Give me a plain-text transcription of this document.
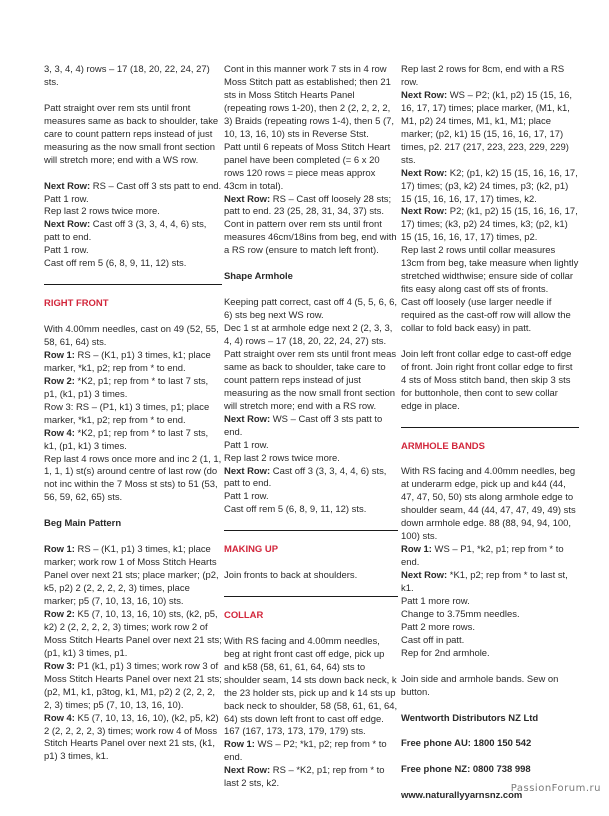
3, 3, 4, 4) rows – 17 (18, 20, 22, 24, 27) sts.

Patt straight over rem sts until front measures same as back to shoulder, take care to count pattern reps instead of just measuring as the now small front section will stretch more; end with a WS row.

Next Row: RS – Cast off 3 sts patt to end.

Patt 1 row.

Rep last 2 rows twice more.

Next Row: Cast off 3 (3, 3, 4, 4, 6) sts, patt to end.

Patt 1 row.

Cast off rem 5 (6, 8, 9, 11, 12) sts.

RIGHT FRONT

With 4.00mm needles, cast on 49 (52, 55, 58, 61, 64) sts.

Row 1: RS – (K1, p1) 3 times, k1; place marker, *k1, p2; rep from * to end.

Row 2: *K2, p1; rep from * to last 7 sts, p1, (k1, p1) 3 times.

Row 3: RS – (P1, k1) 3 times, p1; place marker, *k1, p2; rep from * to end.

Row 4: *K2, p1; rep from * to last 7 sts, k1, (p1, k1) 3 times.

Rep last 4 rows once more and inc 2 (1, 1, 1, 1, 1) st(s) around centre of last row (do not inc within the 7 Moss st sts) to 51 (53, 56, 59, 62, 65) sts.

Beg Main Pattern

Row 1: RS – (K1, p1) 3 times, k1; place marker; work row 1 of Moss Stitch Hearts Panel over next 21 sts; place marker; (p2, k5, p2) 2 (2, 2, 2, 2, 3) times, place marker; p5 (7, 10, 13, 16, 10) sts.

Row 2: K5 (7, 10, 13, 16, 10) sts, (k2, p5, k2) 2 (2, 2, 2, 2, 3) times; work row 2 of Moss Stitch Hearts Panel over next 21 sts; (p1, k1) 3 times, p1.

Row 3: P1 (k1, p1) 3 times; work row 3 of Moss Stitch Hearts Panel over next 21 sts; (p2, M1, k1, p3tog, k1, M1, p2) 2 (2, 2, 2, 2, 3) times; p5 (7, 10, 13, 16, 10).

Row 4: K5 (7, 10, 13, 16, 10), (k2, p5, k2) 2 (2, 2, 2, 2, 3) times; work row 4 of Moss Stitch Hearts Panel over next 21 sts, (k1, p1) 3 times, k1.

Cont in this manner work 7 sts in 4 row Moss Stitch patt as established; then 21 sts in Moss Stitch Hearts Panel (repeating rows 1-20), then 2 (2, 2, 2, 2, 3) Braids (repeating rows 1-4), then 5 (7, 10, 13, 16, 10) sts in Reverse Stst.

Patt until 6 repeats of Moss Stitch Heart panel have been completed (= 6 x 20 rows 120 rows = piece meas approx 43cm in total).

Next Row: RS – Cast off loosely 28 sts; patt to end. 23 (25, 28, 31, 34, 37) sts.

Cont in pattern over rem sts until front measures 46cm/18ins from beg, end with a RS row (ensure to match left front).

Shape Armhole

Keeping patt correct, cast off 4 (5, 5, 6, 6, 6) sts beg next WS row.

Dec 1 st at armhole edge next 2 (2, 3, 3, 4, 4) rows – 17 (18, 20, 22, 24, 27) sts.

Patt straight over rem sts until front meas same as back to shoulder, take care to count pattern reps instead of just measuring as the now small front section will stretch more; end with a RS row.

Next Row: WS – Cast off 3 sts patt to end.

Patt 1 row.

Rep last 2 rows twice more.

Next Row: Cast off 3 (3, 3, 4, 4, 6) sts, patt to end.

Patt 1 row.

Cast off rem 5 (6, 8, 9, 11, 12) sts.

MAKING UP

Join fronts to back at shoulders.

COLLAR

With RS facing and 4.00mm needles, beg at right front cast off edge, pick up and k58 (58, 61, 61, 64, 64) sts to shoulder seam, 14 sts down back neck, k the 23 holder sts, pick up and k 14 sts up back neck to shoulder, 58 (58, 61, 61, 64, 64) sts down left front to cast off edge. 167 (167, 173, 173, 179, 179) sts.

Row 1: WS – P2; *k1, p2; rep from * to end.

Next Row: RS – *K2, p1; rep from * to last 2 sts, k2.

Rep last 2 rows for 8cm, end with a RS row.

Next Row: WS – P2; (k1, p2) 15 (15, 16, 16, 17, 17) times; place marker, (M1, k1, M1, p2) 24 times, M1, k1, M1; place marker; (p2, k1) 15 (15, 16, 16, 17, 17) times, p2. 217 (217, 223, 223, 229, 229) sts.

Next Row: K2; (p1, k2) 15 (15, 16, 16, 17, 17) times; (p3, k2) 24 times, p3; (k2, p1) 15 (15, 16, 16, 17, 17) times, k2.

Next Row: P2; (k1, p2) 15 (15, 16, 16, 17, 17) times; (k3, p2) 24 times, k3; (p2, k1) 15 (15, 16, 16, 17, 17) times, p2.

Rep last 2 rows until collar measures 13cm from beg, take measure when lightly stretched widthwise; ensure side of collar fits easy along cast off sts of fronts.

Cast off loosely (use larger needle if required as the cast-off row will allow the collar to fold back easy) in patt.

Join left front collar edge to cast-off edge of front. Join right front collar edge to first 4 sts of Moss stitch band, then skip 3 sts for buttonhole, then cont to sew collar edge in place.

ARMHOLE BANDS

With RS facing and 4.00mm needles, beg at underarm edge, pick up and k44 (44, 47, 47, 50, 50) sts along armhole edge to shoulder seam, 44 (44, 47, 47, 49, 49) sts down armhole edge. 88 (88, 94, 94, 100, 100) sts.

Row 1: WS – P1, *k2, p1; rep from * to end.

Next Row: *K1, p2; rep from * to last st, k1.

Patt 1 more row.

Change to 3.75mm needles.

Patt 2 more rows.

Cast off in patt.

Rep for 2nd armhole.

Join side and armhole bands. Sew on button.

Wentworth Distributors NZ Ltd

Free phone AU: 1800 150 542

Free phone NZ: 0800 738 998

www.naturallyyarnsnz.com

PassionForum.ru
